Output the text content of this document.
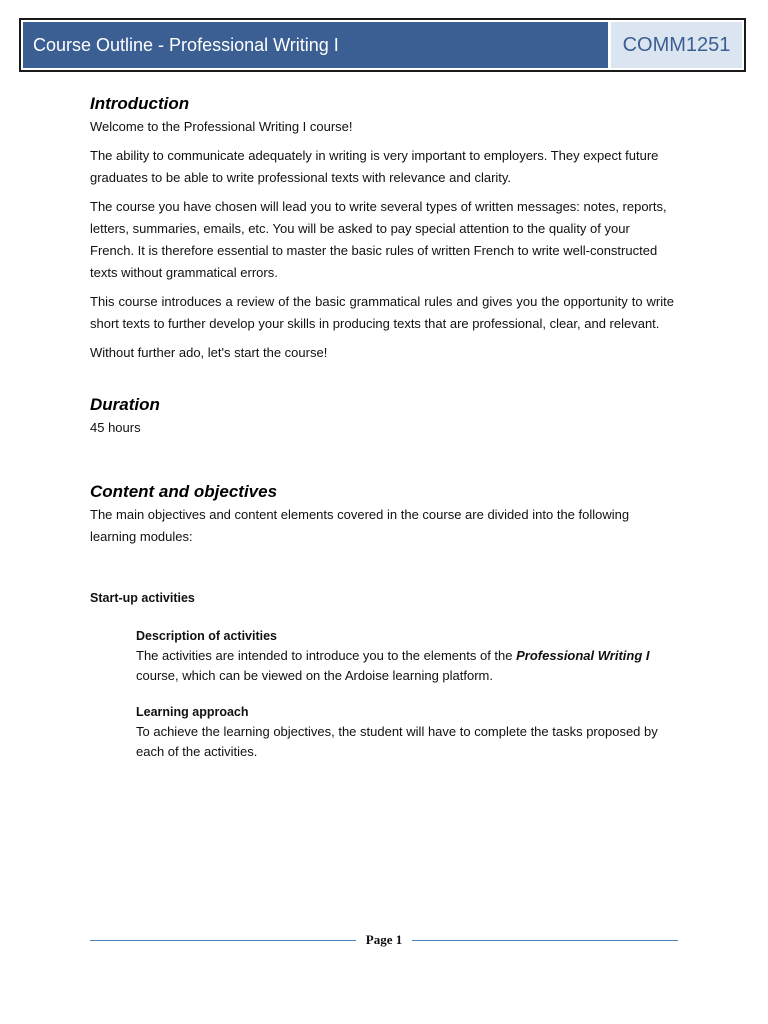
Course Outline - Professional Writing I	COMM1251
Introduction

Welcome to the Professional Writing I course!

The ability to communicate adequately in writing is very important to employers. They expect future graduates to be able to write professional texts with relevance and clarity.

The course you have chosen will lead you to write several types of written messages: notes, reports, letters, summaries, emails, etc. You will be asked to pay special attention to the quality of your French. It is therefore essential to master the basic rules of written French to write well-constructed texts without grammatical errors.

This course introduces a review of the basic grammatical rules and gives you the opportunity to write short texts to further develop your skills in producing texts that are professional, clear, and relevant.

Without further ado, let's start the course!

Duration

45 hours

Content and objectives

The main objectives and content elements covered in the course are divided into the following learning modules:

Start-up activities

Description of activities

The activities are intended to introduce you to the elements of the Professional Writing I course, which can be viewed on the Ardoise learning platform.

Learning approach

To achieve the learning objectives, the student will have to complete the tasks proposed by each of the activities.

Page 1
